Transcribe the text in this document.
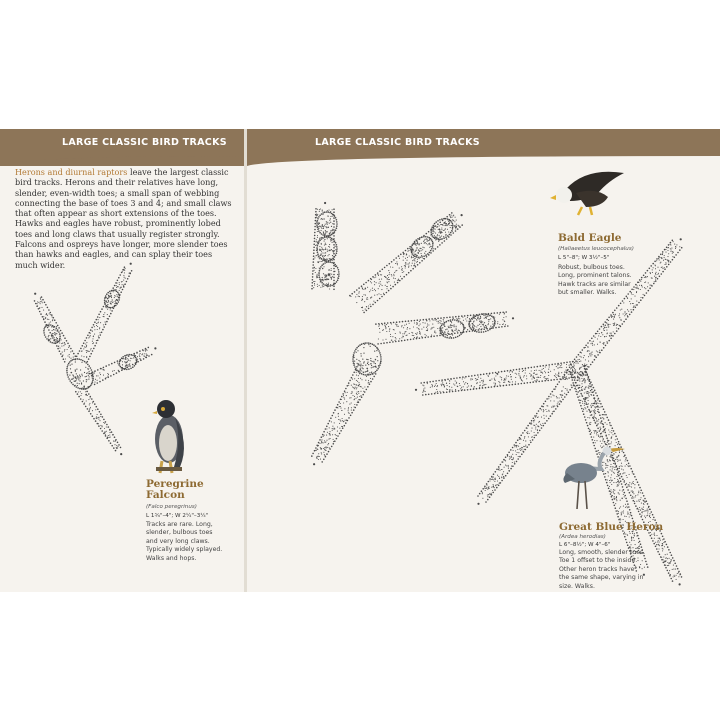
LARGE CLASSIC BIRD TRACKS
Herons and diurnal raptors leave the largest classic bird tracks. Herons and their relatives have long, slender, even-width toes; a small span of webbing connecting the base of toes 3 and 4; and small claws that often appear as short extensions of the toes. Hawks and eagles have robust, prominently lobed toes and long claws that usually register strongly. Falcons and ospreys have longer, more slender toes than hawks and eagles, and can splay their toes much wider.
Peregrine
Falcon
(Falco peregrinus)
L 1¾"–4"; W 2¼"–3¼"
Tracks are rare. Long,
slender, bulbous toes
and very long claws.
Typically widely splayed.
Walks and hops.
LARGE CLASSIC BIRD TRACKS
Bald Eagle
(Haliaeetus leucocephalus)
L 5"–8"; W 3½"–5"
Robust, bulbous toes.
Long, prominent talons.
Hawk tracks are similar
but smaller. Walks.
Great Blue Heron
(Ardea herodias)
L 6"–8½"; W 4"–6"
Long, smooth, slender toes.
Toe 1 offset to the inside.
Other heron tracks have
the same shape, varying in
size. Walks.
